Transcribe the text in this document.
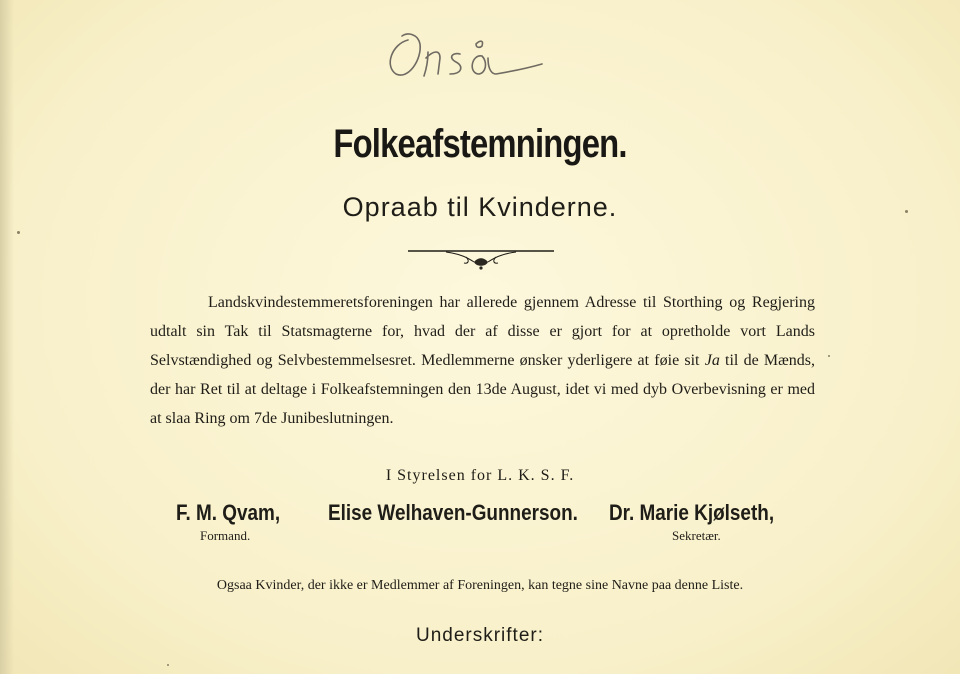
Folkeafstemningen.
Opraab til Kvinderne.

Landskvindestemmeretsforeningen har allerede gjennem Adresse til Storthing og Regjering udtalt sin Tak til Statsmagterne for, hvad der af disse er gjort for at opretholde vort Lands Selvstændighed og Selvbestemmelsesret. Medlemmerne ønsker yderligere at føie sit Ja til de Mænds, der har Ret til at deltage i Folkeafstemningen den 13de August, idet vi med dyb Overbevisning er med at slaa Ring om 7de Junibeslutningen.

I Styrelsen for L. K. S. F.
F. M. Qvam,
Formand.
Elise Welhaven-Gunnerson. Dr. Marie Kjølseth,
Sekretær.
Ogsaa Kvinder, der ikke er Medlemmer af Foreningen, kan tegne sine Navne paa denne Liste.
Underskrifter:
